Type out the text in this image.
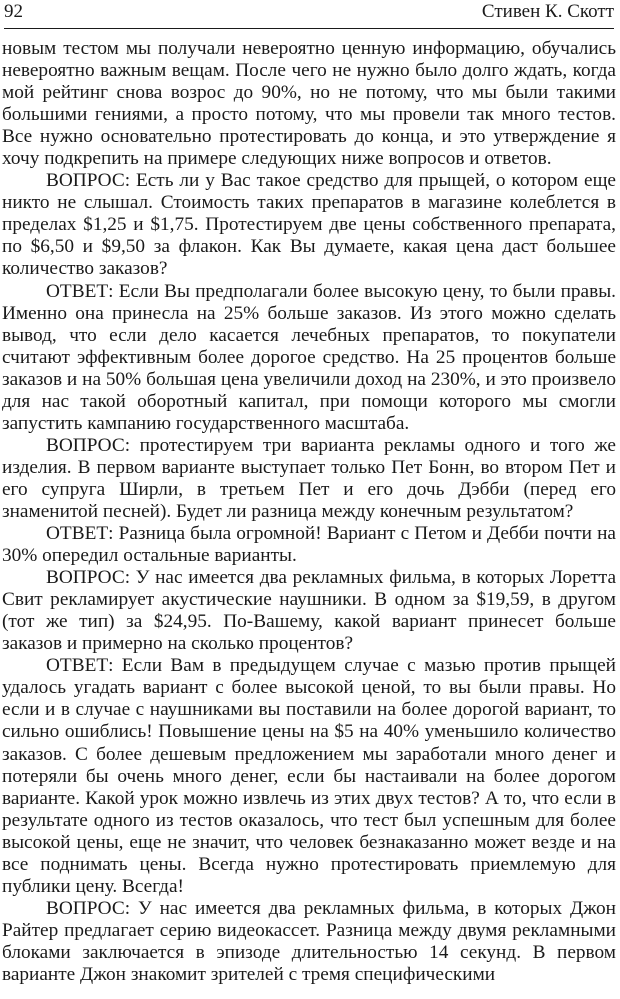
92	Стивен К. Скотт

новым тестом мы получали невероятно ценную информацию, обучались невероятно важным вещам. После чего не нужно было долго ждать, когда мой рейтинг снова возрос до 90%, но не потому, что мы были такими большими гениями, а просто потому, что мы провели так много тестов. Все нужно основательно протестировать до конца, и это утверждение я хочу подкрепить на примере следующих ниже вопросов и ответов.

ВОПРОС: Есть ли у Вас такое средство для прыщей, о котором еще никто не слышал. Стоимость таких препаратов в магазине колеблется в пределах $1,25 и $1,75. Протестируем две цены собственного препарата, по $6,50 и $9,50 за флакон. Как Вы думаете, какая цена даст большее количество заказов?

ОТВЕТ: Если Вы предполагали более высокую цену, то были правы. Именно она принесла на 25% больше заказов. Из этого можно сделать вывод, что если дело касается лечебных препаратов, то покупатели считают эффективным более дорогое средство. На 25 процентов больше заказов и на 50% большая цена увеличили доход на 230%, и это произвело для нас такой оборотный капитал, при помощи которого мы смогли запустить кампанию государственного масштаба.

ВОПРОС: протестируем три варианта рекламы одного и того же изделия. В первом варианте выступает только Пет Бонн, во втором Пет и его супруга Ширли, в третьем Пет и его дочь Дэбби (перед его знаменитой песней). Будет ли разница между конечным результатом?

ОТВЕТ: Разница была огромной! Вариант с Петом и Дебби почти на 30% опередил остальные варианты.

ВОПРОС: У нас имеется два рекламных фильма, в которых Лоретта Свит рекламирует акустические наушники. В одном за $19,59, в другом (тот же тип) за $24,95. По-Вашему, какой вариант принесет больше заказов и примерно на сколько процентов?

ОТВЕТ: Если Вам в предыдущем случае с мазью против прыщей удалось угадать вариант с более высокой ценой, то вы были правы. Но если и в случае с наушниками вы поставили на более дорогой вариант, то сильно ошиблись! Повышение цены на $5 на 40% уменьшило количество заказов. С более дешевым предложением мы заработали много денег и потеряли бы очень много денег, если бы настаивали на более дорогом варианте. Какой урок можно извлечь из этих двух тестов? А то, что если в результате одного из тестов оказалось, что тест был успешным для более высокой цены, еще не значит, что человек безнаказанно может везде и на все поднимать цены. Всегда нужно протестировать приемлемую для публики цену. Всегда!

ВОПРОС: У нас имеется два рекламных фильма, в которых Джон Райтер предлагает серию видеокассет. Разница между двумя рекламными блоками заключается в эпизоде длительностью 14 секунд. В первом варианте Джон знакомит зрителей с тремя специфическими
